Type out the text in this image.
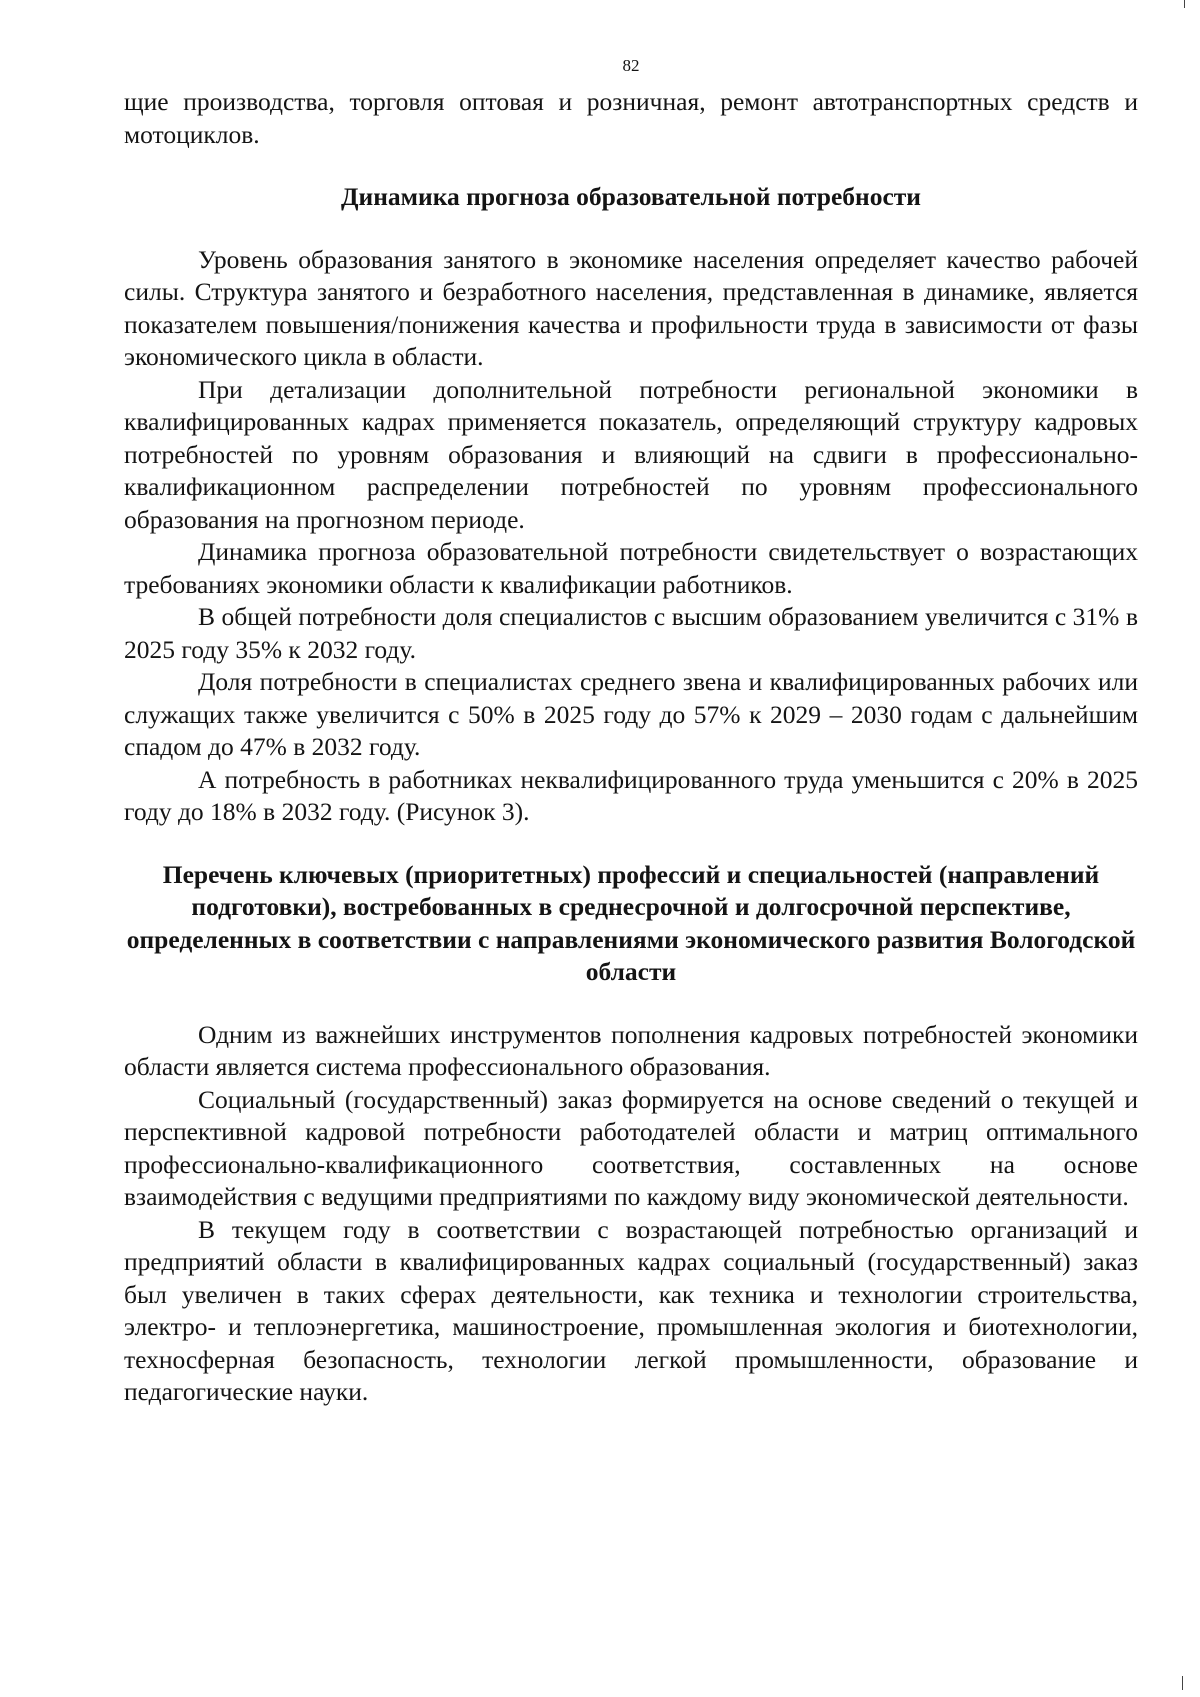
82

щие производства, торговля оптовая и розничная, ремонт автотранспортных средств и мотоциклов.

Динамика прогноза образовательной потребности

Уровень образования занятого в экономике населения определяет качество рабочей силы. Структура занятого и безработного населения, представленная в динамике, является показателем повышения/понижения качества и профильности труда в зависимости от фазы экономического цикла в области.

При детализации дополнительной потребности региональной экономики в квалифицированных кадрах применяется показатель, определяющий структуру кадровых потребностей по уровням образования и влияющий на сдвиги в профессионально-квалификационном распределении потребностей по уровням профессионального образования на прогнозном периоде.

Динамика прогноза образовательной потребности свидетельствует о возрастающих требованиях экономики области к квалификации работников.

В общей потребности доля специалистов с высшим образованием увеличится с 31% в 2025 году 35% к 2032 году.

Доля потребности в специалистах среднего звена и квалифицированных рабочих или служащих также увеличится с 50% в 2025 году до 57% к 2029 – 2030 годам с дальнейшим спадом до 47% в 2032 году.

А потребность в работниках неквалифицированного труда уменьшится с 20% в 2025 году до 18% в 2032 году. (Рисунок 3).

Перечень ключевых (приоритетных) профессий и специальностей (направлений подготовки), востребованных в среднесрочной и долгосрочной перспективе, определенных в соответствии с направлениями экономического развития Вологодской области

Одним из важнейших инструментов пополнения кадровых потребностей экономики области является система профессионального образования.

Социальный (государственный) заказ формируется на основе сведений о текущей и перспективной кадровой потребности работодателей области и матриц оптимального профессионально-квалификационного соответствия, составленных на основе взаимодействия с ведущими предприятиями по каждому виду экономической деятельности.

В текущем году в соответствии с возрастающей потребностью организаций и предприятий области в квалифицированных кадрах социальный (государственный) заказ был увеличен в таких сферах деятельности, как техника и технологии строительства, электро- и теплоэнергетика, машиностроение, промышленная экология и биотехнологии, техносферная безопасность, технологии легкой промышленности, образование и педагогические науки.
